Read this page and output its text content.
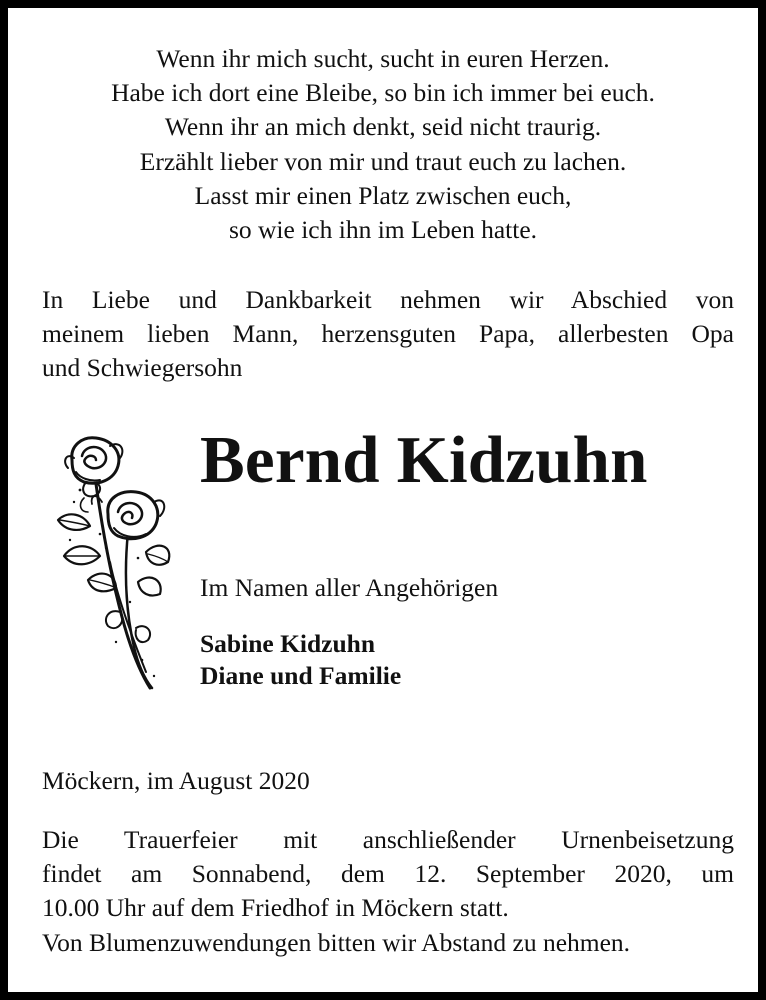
Wenn ihr mich sucht, sucht in euren Herzen.
Habe ich dort eine Bleibe, so bin ich immer bei euch.
Wenn ihr an mich denkt, seid nicht traurig.
Erzählt lieber von mir und traut euch zu lachen.
Lasst mir einen Platz zwischen euch,
so wie ich ihn im Leben hatte.
In Liebe und Dankbarkeit nehmen wir Abschied von
meinem lieben Mann, herzensguten Papa, allerbesten Opa
und Schwiegersohn
Bernd Kidzuhn
Im Namen aller Angehörigen
Sabine Kidzuhn
Diane und Familie
Möckern, im August 2020
Die Trauerfeier mit anschließender Urnenbeisetzung
findet am Sonnabend, dem 12. September 2020, um
10.00 Uhr auf dem Friedhof in Möckern statt.
Von Blumenzuwendungen bitten wir Abstand zu nehmen.
